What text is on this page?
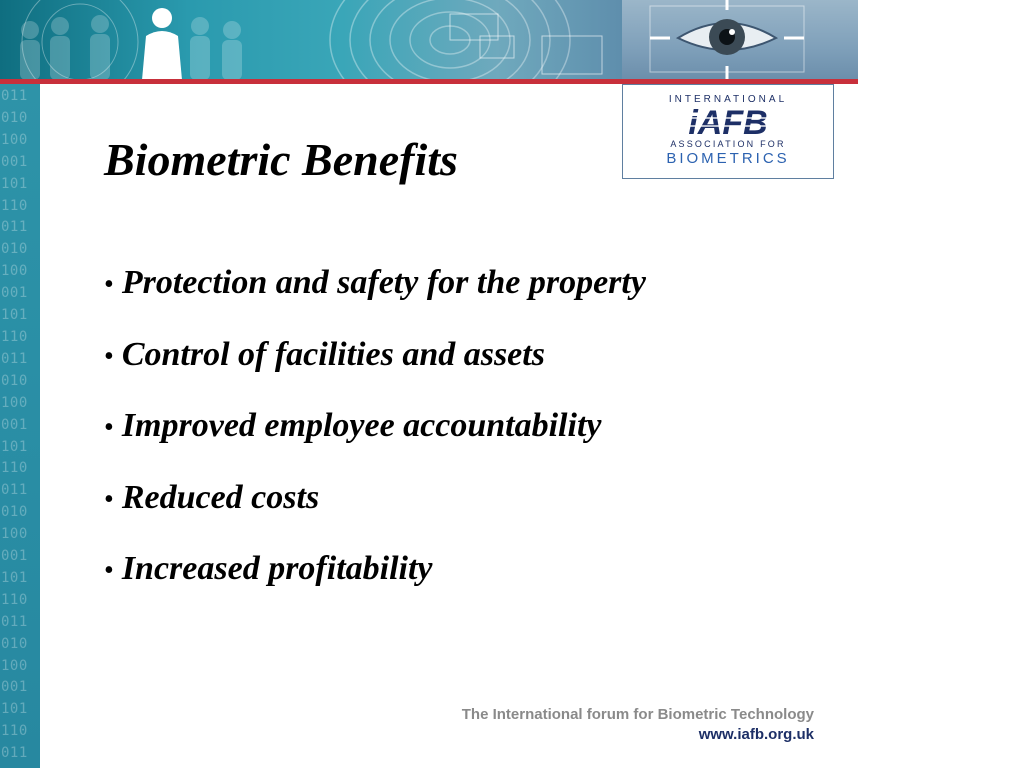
011
010
100
001
101
110
011
010
100
001
101
110
011
010
100
001
101
110
011
010
100
001
101
110
011
010
100
001
101
110
011
INTERNATIONAL
iAFB
ASSOCIATION FOR
BIOMETRICS
Biometric Benefits
• Protection and safety for the property
• Control of facilities and assets
• Improved employee accountability
• Reduced costs
• Increased profitability
The International forum for Biometric Technology
www.iafb.org.uk
